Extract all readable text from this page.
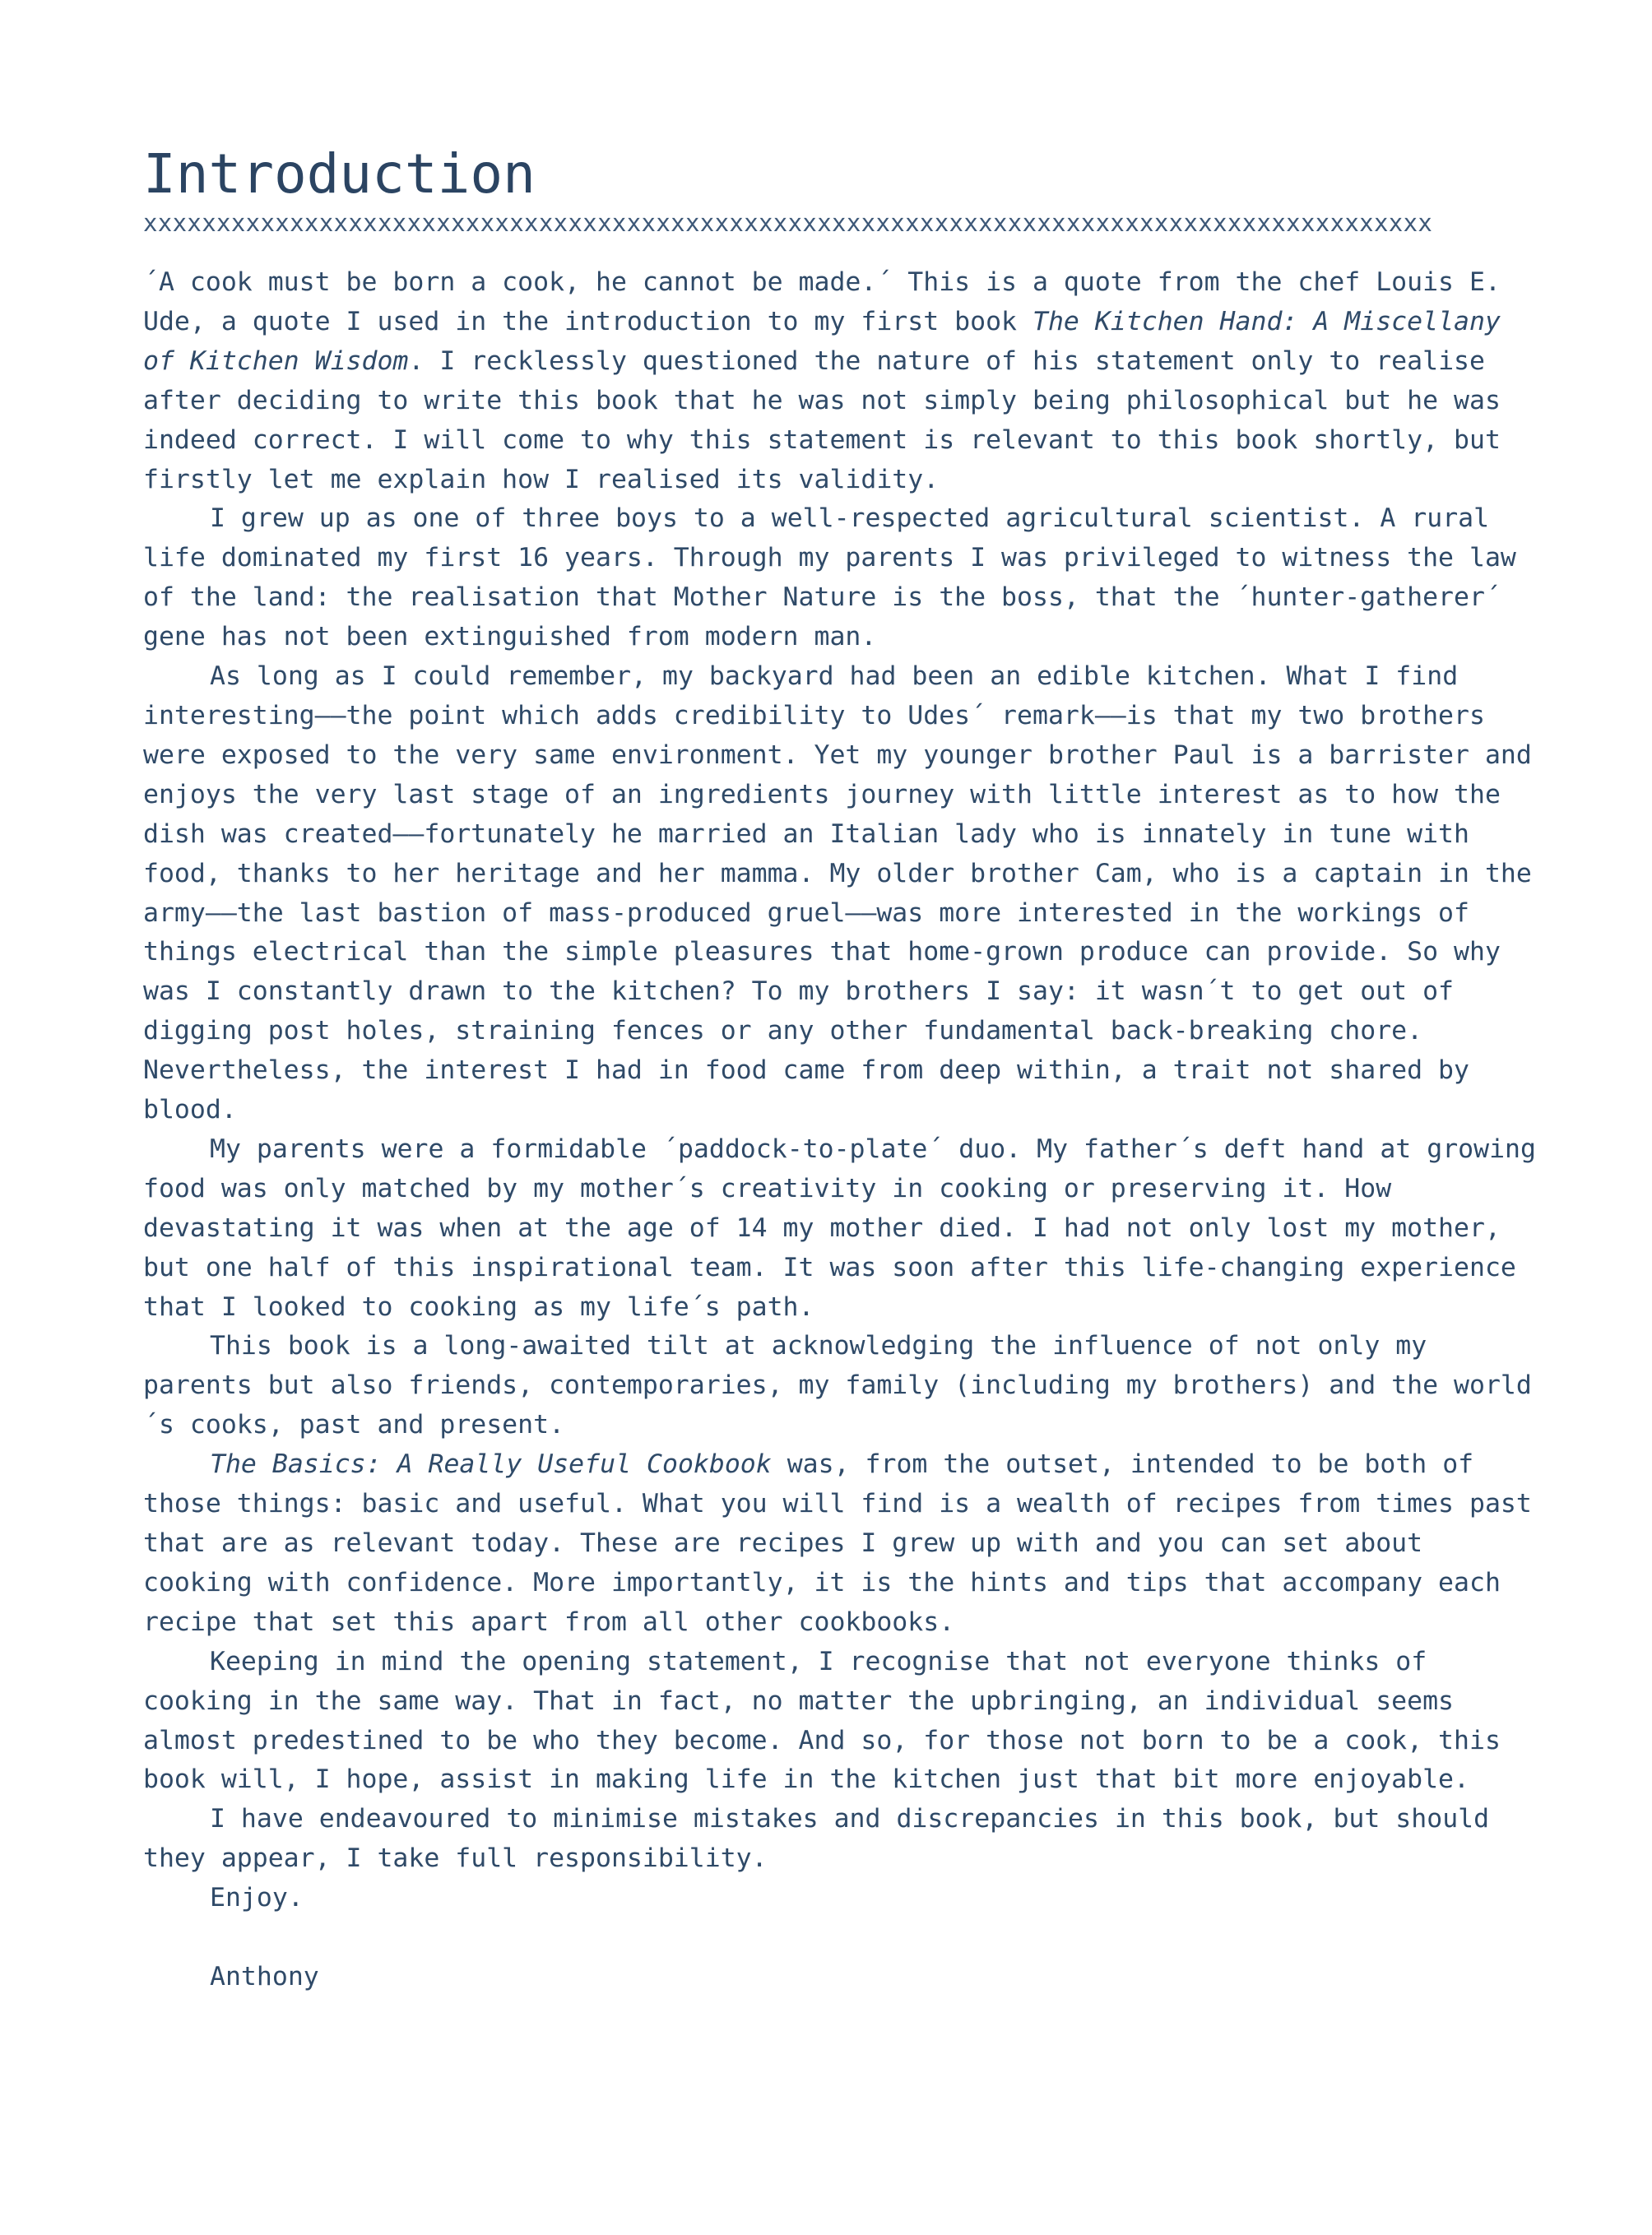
Introduction
xxxxxxxxxxxxxxxxxxxxxxxxxxxxxxxxxxxxxxxxxxxxxxxxxxxxxxxxxxxxxxxxxxxxxxxxxxxxxxxxxxxxxxxx

´A cook must be born a cook, he cannot be made.´ This is a quote from the chef Louis E. Ude, a quote I used in the introduction to my first book The Kitchen Hand: A Miscellany of Kitchen Wisdom. I recklessly questioned the nature of his statement only to realise after deciding to write this book that he was not simply being philosophical but he was indeed correct. I will come to why this statement is relevant to this book shortly, but firstly let me explain how I realised its validity.

I grew up as one of three boys to a well-respected agricultural scientist. A rural life dominated my first 16 years. Through my parents I was privileged to witness the law of the land: the realisation that Mother Nature is the boss, that the ´hunter-gatherer´ gene has not been extinguished from modern man.

As long as I could remember, my backyard had been an edible kitchen. What I find interesting——the point which adds credibility to Udes´ remark——is that my two brothers were exposed to the very same environment. Yet my younger brother Paul is a barrister and enjoys the very last stage of an ingredients journey with little interest as to how the dish was created——fortunately he married an Italian lady who is innately in tune with food, thanks to her heritage and her mamma. My older brother Cam, who is a captain in the army——the last bastion of mass-produced gruel——was more interested in the workings of things electrical than the simple pleasures that home-grown produce can provide. So why was I constantly drawn to the kitchen? To my brothers I say: it wasn´t to get out of digging post holes, straining fences or any other fundamental back-breaking chore. Nevertheless, the interest I had in food came from deep within, a trait not shared by blood.

My parents were a formidable ´paddock-to-plate´ duo. My father´s deft hand at growing food was only matched by my mother´s creativity in cooking or preserving it. How devastating it was when at the age of 14 my mother died. I had not only lost my mother, but one half of this inspirational team. It was soon after this life-changing experience that I looked to cooking as my life´s path.

This book is a long-awaited tilt at acknowledging the influence of not only my parents but also friends, contemporaries, my family (including my brothers) and the world´s cooks, past and present.

The Basics: A Really Useful Cookbook was, from the outset, intended to be both of those things: basic and useful. What you will find is a wealth of recipes from times past that are as relevant today. These are recipes I grew up with and you can set about cooking with confidence. More importantly, it is the hints and tips that accompany each recipe that set this apart from all other cookbooks.

Keeping in mind the opening statement, I recognise that not everyone thinks of cooking in the same way. That in fact, no matter the upbringing, an individual seems almost predestined to be who they become. And so, for those not born to be a cook, this book will, I hope, assist in making life in the kitchen just that bit more enjoyable.

I have endeavoured to minimise mistakes and discrepancies in this book, but should they appear, I take full responsibility.

Enjoy.

Anthony
